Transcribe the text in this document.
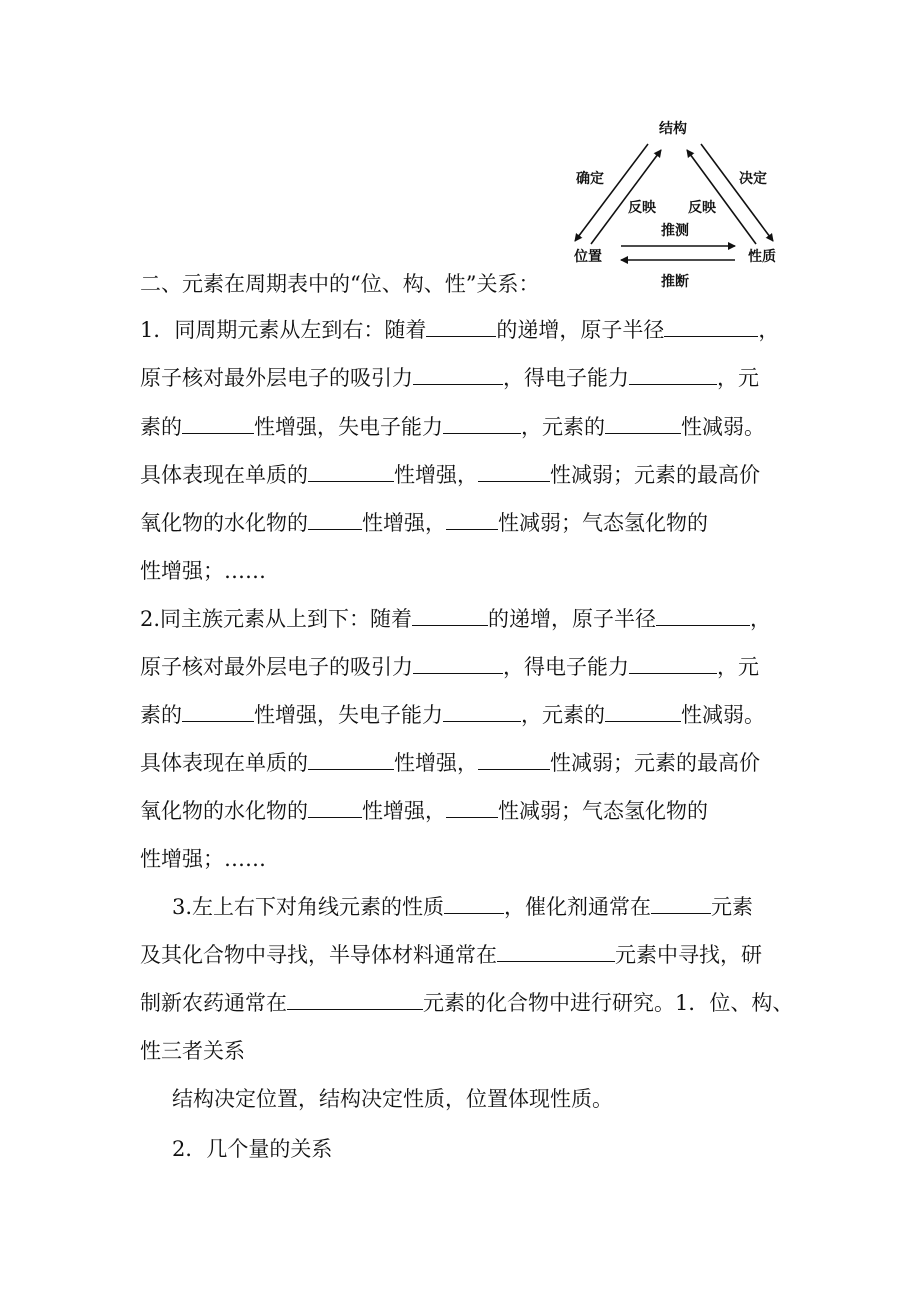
结构
位置	性质
确定
反映
决定
反映
推测
推断
二、元素在周期表中的“位、构、性”关系：
1．同周期元素从左到右：随着	的递增，原子半径	，
原子核对最外层电子的吸引力	，得电子能力	，元
素的	性增强，失电子能力	，元素的	性减弱。
具体表现在单质的	性增强，	性减弱；元素的最高价
氧化物的水化物的	性增强， 性减弱；气态氢化物的
性增强；……
2.同主族元素从上到下：随着	的递增，原子半径	，
原子核对最外层电子的吸引力	，得电子能力	，元
素的	性增强，失电子能力	，元素的	性减弱。
具体表现在单质的	性增强，	性减弱；元素的最高价
氧化物的水化物的	性增强， 性减弱；气态氢化物的
性增强；……
3.左上右下对角线元素的性质	，催化剂通常在	元素
及其化合物中寻找，半导体材料通常在	元素中寻找，研
制新农药通常在	元素的化合物中进行研究。1．位、构、
性三者关系
结构决定位置，结构决定性质，位置体现性质。
2．几个量的关系
